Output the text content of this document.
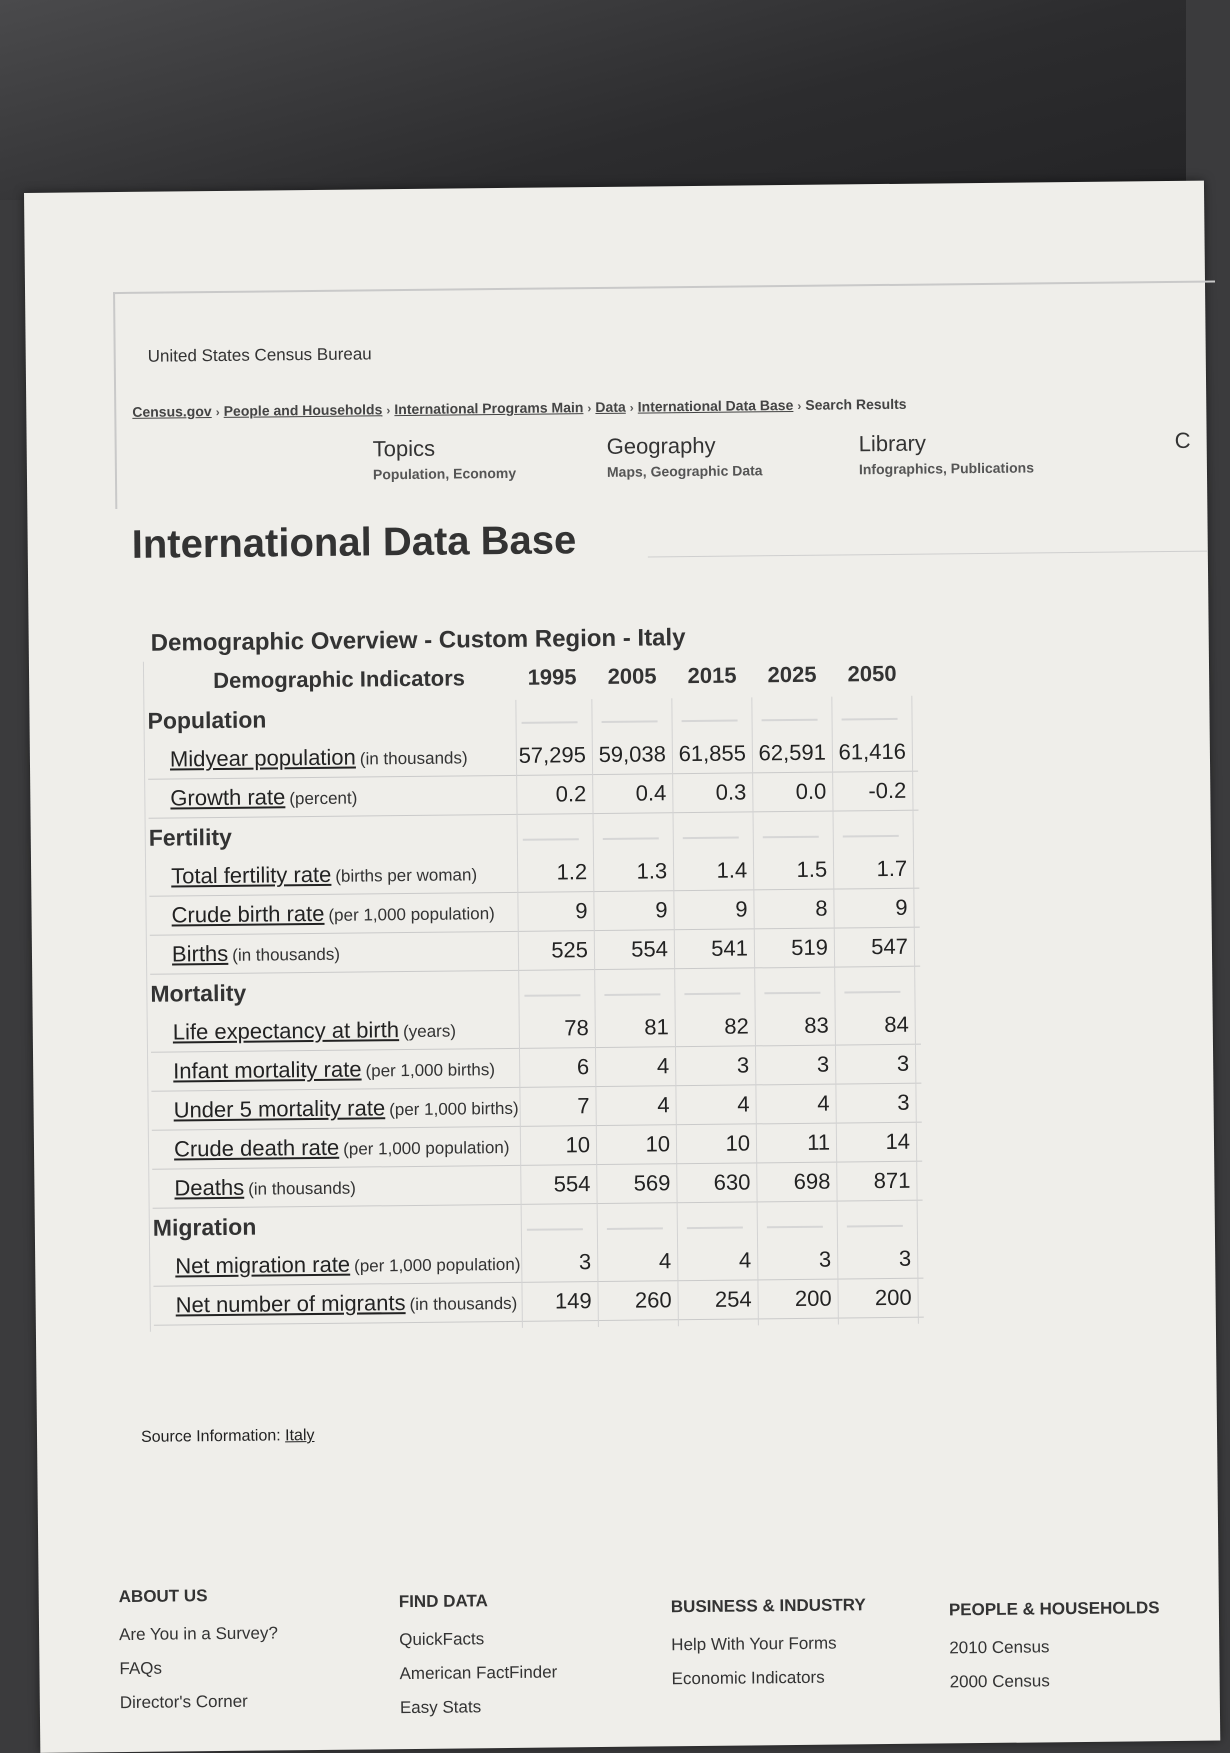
United States Census Bureau
Census.gov › People and Households › International Programs Main › Data › International Data Base › Search Results
Topics
Population, Economy
Geography
Maps, Geographic Data
Library
Infographics, Publications
C
International Data Base
Demographic Overview - Custom Region - Italy
Demographic Indicators	1995	2005	2015	2025	2050
Population
Midyear population (in thousands) 57,295 59,038 61,855 62,591 61,416
Growth rate (percent)	0.2	0.4	0.3	0.0	-0.2
Fertility
Total fertility rate (births per woman)	1.2	1.3	1.4	1.5	1.7
Crude birth rate (per 1,000 population)	9	9	9	8	9
Births (in thousands)	525	554	541	519	547
Mortality
Life expectancy at birth (years)	78	81	82	83	84
Infant mortality rate (per 1,000 births)	6	4	3	3	3
Under 5 mortality rate (per 1,000 births)	7	4	4	4	3
Crude death rate (per 1,000 population)	10	10	10	11	14
Deaths (in thousands)	554	569	630	698	871
Migration
Net migration rate (per 1,000 population)	3	4	4	3	3
Net number of migrants (in thousands)	149	260	254	200	200
Source Information: Italy
ABOUT US
Are You in a Survey?
FAQs
Director's Corner
FIND DATA
QuickFacts
American FactFinder
Easy Stats
BUSINESS & INDUSTRY
Help With Your Forms
Economic Indicators
PEOPLE & HOUSEHOLDS
2010 Census
2000 Census
